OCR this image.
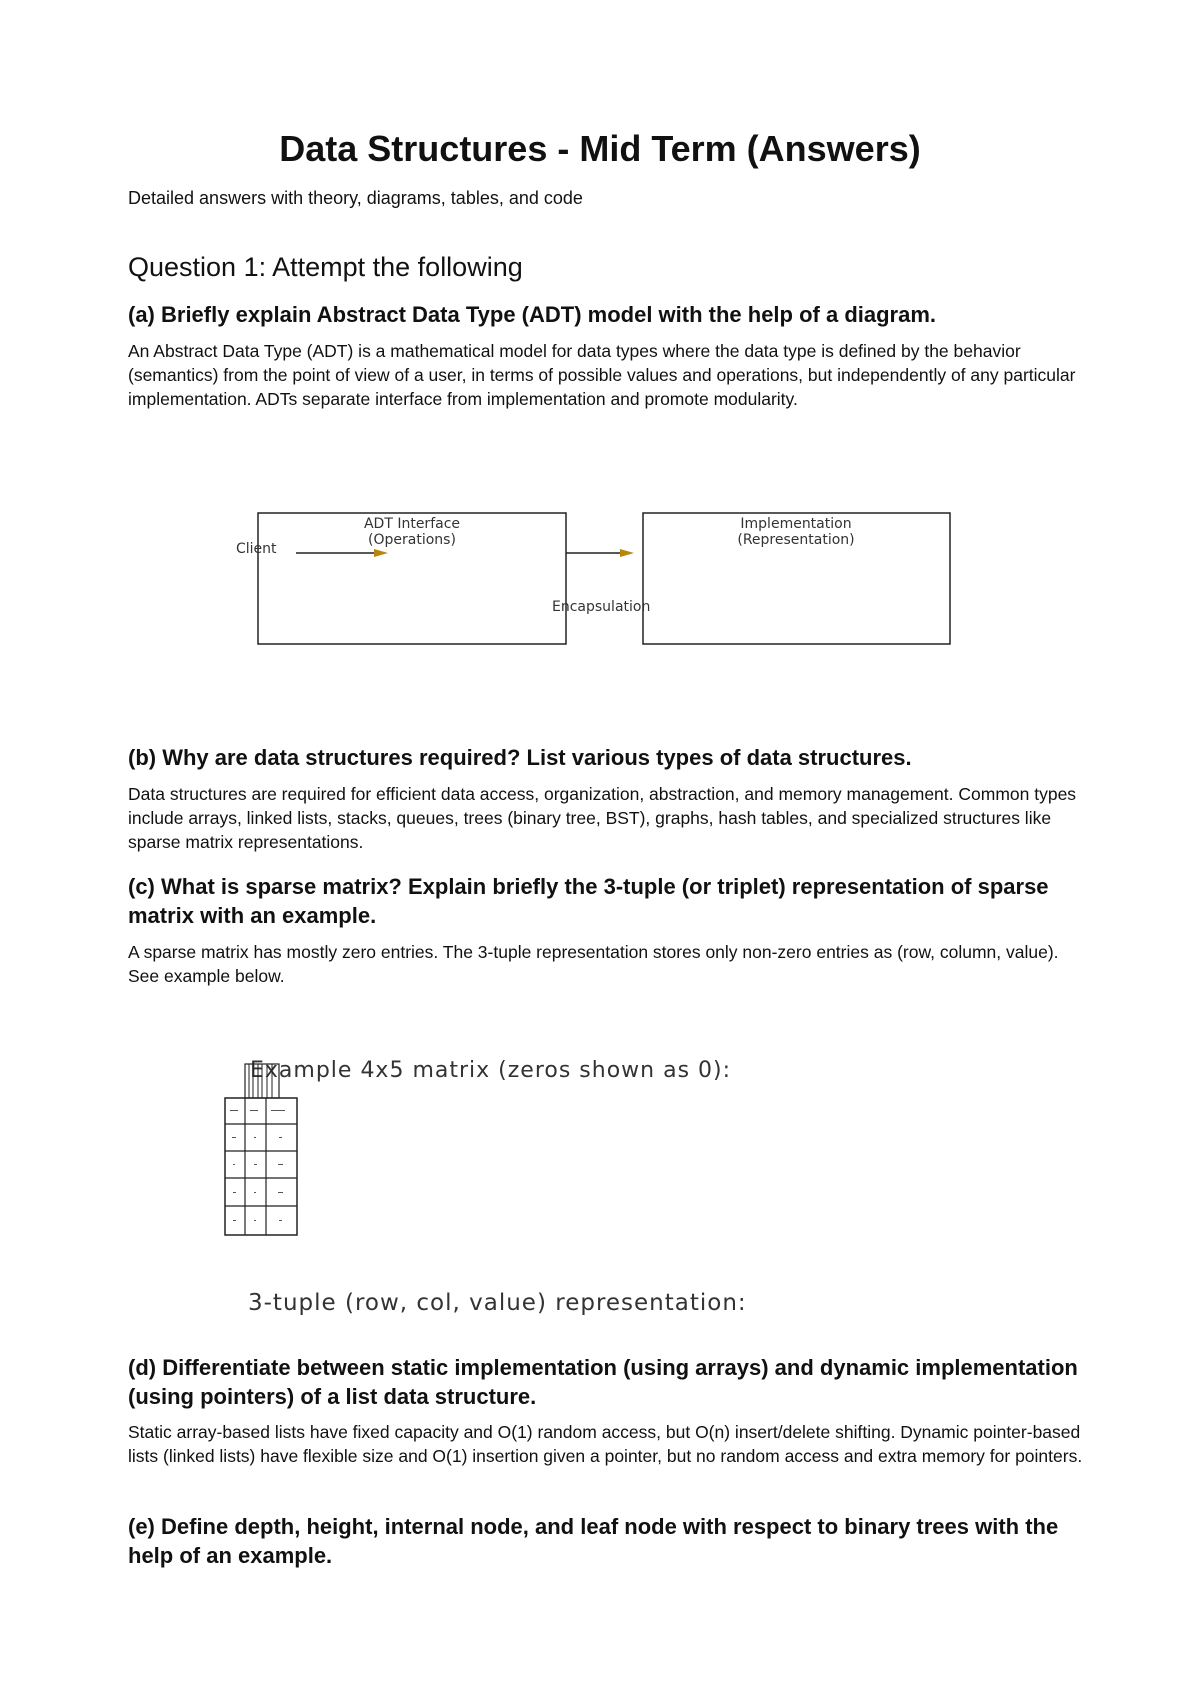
Data Structures - Mid Term (Answers)
Detailed answers with theory, diagrams, tables, and code
Question 1: Attempt the following
(a) Briefly explain Abstract Data Type (ADT) model with the help of a diagram.
An Abstract Data Type (ADT) is a mathematical model for data types where the data type is defined by the behavior (semantics) from the point of view of a user, in terms of possible values and operations, but independently of any particular implementation. ADTs separate interface from implementation and promote modularity.
ADT Interface
(Operations)
Implementation
(Representation)
Client
Encapsulation
(b) Why are data structures required? List various types of data structures.
Data structures are required for efficient data access, organization, abstraction, and memory management. Common types include arrays, linked lists, stacks, queues, trees (binary tree, BST), graphs, hash tables, and specialized structures like sparse matrix representations.
(c) What is sparse matrix? Explain briefly the 3-tuple (or triplet) representation of sparse matrix with an example.
A sparse matrix has mostly zero entries. The 3-tuple representation stores only non-zero entries as (row, column, value). See example below.
Example 4x5 matrix (zeros shown as 0):
3-tuple (row, col, value) representation:
(d) Differentiate between static implementation (using arrays) and dynamic implementation (using pointers) of a list data structure.
Static array-based lists have fixed capacity and O(1) random access, but O(n) insert/delete shifting. Dynamic pointer-based lists (linked lists) have flexible size and O(1) insertion given a pointer, but no random access and extra memory for pointers.
(e) Define depth, height, internal node, and leaf node with respect to binary trees with the help of an example.
